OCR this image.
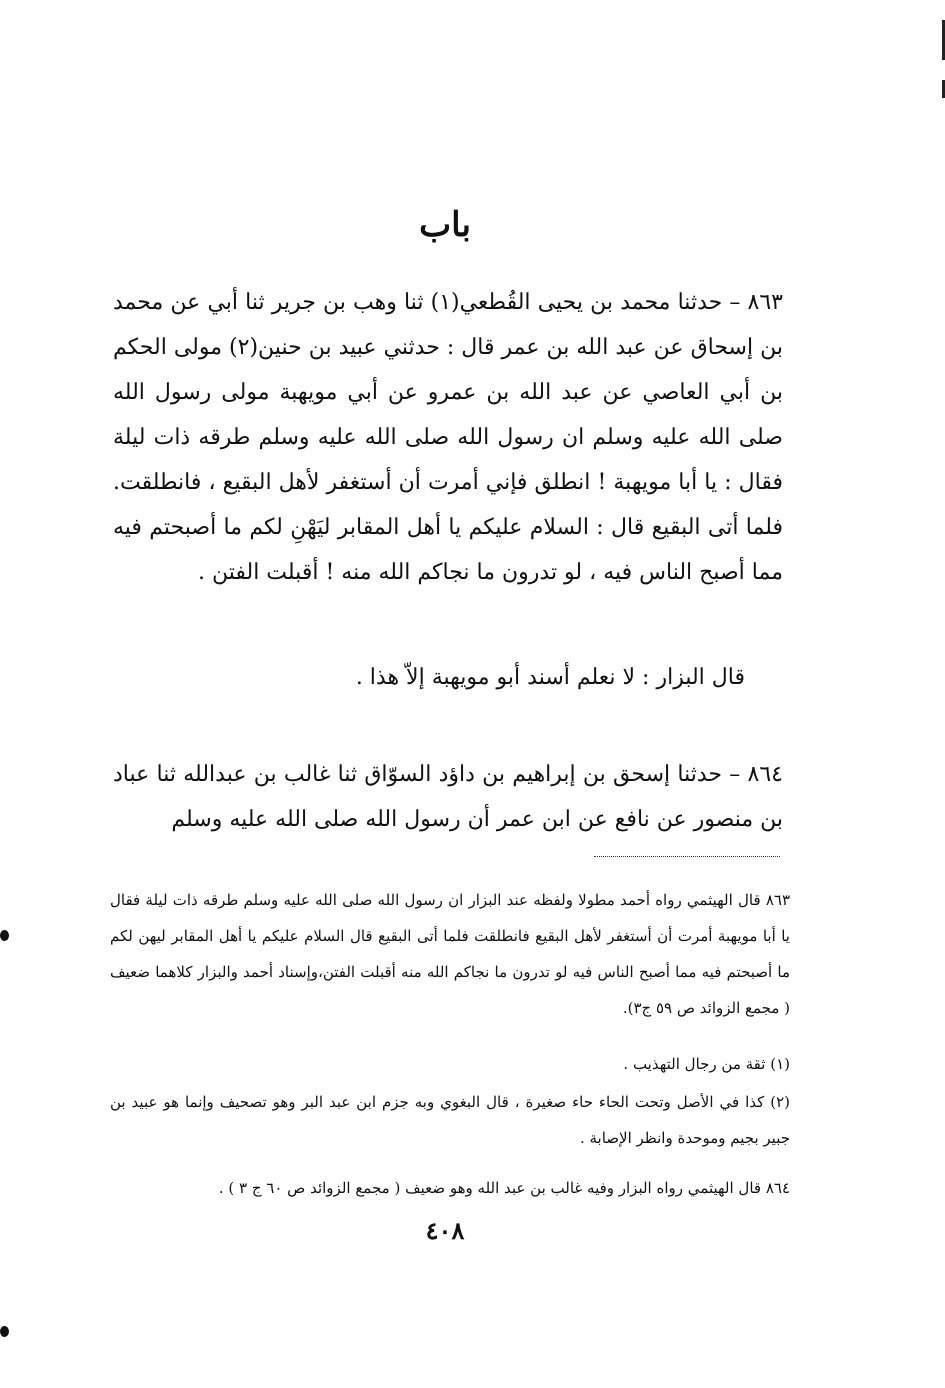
باب

٨٦٣ – حدثنا محمد بن يحيى القُطعي(١) ثنا وهب بن جرير ثنا أبي عن محمد بن إسحاق عن عبد الله بن عمر قال : حدثني عبيد بن حنين(٢) مولى الحكم بن أبي العاصي عن عبد الله بن عمرو عن أبي مويهبة مولى رسول الله صلى الله عليه وسلم ان رسول الله صلى الله عليه وسلم طرقه ذات ليلة فقال : يا أبا مويهبة ! انطلق فإني أمرت أن أستغفر لأهل البقيع ، فانطلقت. فلما أتى البقيع قال : السلام عليكم يا أهل المقابر ليَهْنِ لكم ما أصبحتم فيه مما أصبح الناس فيه ، لو تدرون ما نجاكم الله منه ! أقبلت الفتن .

قال البزار : لا نعلم أسند أبو مويهبة إلاّ هذا .

٨٦٤ – حدثنا إسحق بن إبراهيم بن داؤد السوّاق ثنا غالب بن عبدالله ثنا عباد بن منصور عن نافع عن ابن عمر أن رسول الله صلى الله عليه وسلم

٨٦٣ قال الهيثمي رواه أحمد مطولا ولفظه عند البزار ان رسول الله صلى الله عليه وسلم طرقه ذات ليلة فقال يا أبا مويهبة أمرت أن أستغفر لأهل البقيع فانطلقت فلما أتى البقيع قال السلام عليكم يا أهل المقابر ليهن لكم ما أصبحتم فيه مما أصبح الناس فيه لو تدرون ما نجاكم الله منه أقبلت الفتن،وإسناد أحمد والبزار كلاهما ضعيف ( مجمع الزوائد ص ٥٩ ج٣).

(١) ثقة من رجال التهذيب .

(٢) كذا في الأصل وتحت الحاء حاء صغيرة ، قال البغوي وبه جزم ابن عبد البر وهو تصحيف وإنما هو عبيد بن جبير بجيم وموحدة وانظر الإصابة .

٨٦٤ قال الهيثمي رواه البزار وفيه غالب بن عبد الله وهو ضعيف ( مجمع الزوائد ص ٦٠ ج ٣ ) .

٤٠٨
